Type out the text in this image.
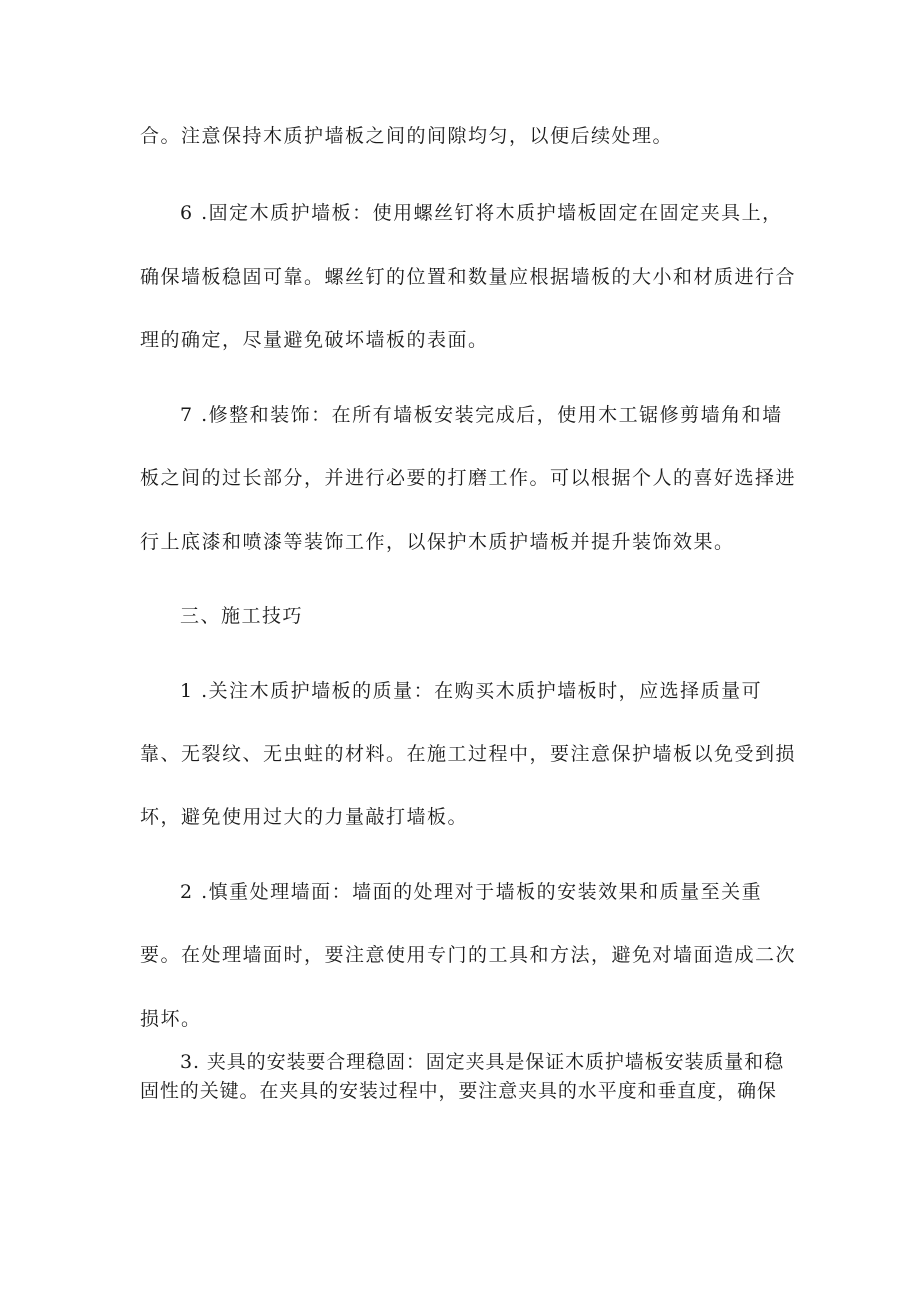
合。注意保持木质护墙板之间的间隙均匀，以便后续处理。
6 .固定木质护墙板：使用螺丝钉将木质护墙板固定在固定夹具上，
确保墙板稳固可靠。螺丝钉的位置和数量应根据墙板的大小和材质进行合
理的确定，尽量避免破坏墙板的表面。
7 .修整和装饰：在所有墙板安装完成后，使用木工锯修剪墙角和墙
板之间的过长部分，并进行必要的打磨工作。可以根据个人的喜好选择进
行上底漆和喷漆等装饰工作，以保护木质护墙板并提升装饰效果。
三、施工技巧
1 .关注木质护墙板的质量：在购买木质护墙板时，应选择质量可
靠、无裂纹、无虫蛀的材料。在施工过程中，要注意保护墙板以免受到损
坏，避免使用过大的力量敲打墙板。
2 .慎重处理墙面：墙面的处理对于墙板的安装效果和质量至关重
要。在处理墙面时，要注意使用专门的工具和方法，避免对墙面造成二次
损坏。
3. 夹具的安装要合理稳固：固定夹具是保证木质护墙板安装质量和稳
固性的关键。在夹具的安装过程中，要注意夹具的水平度和垂直度，确保
